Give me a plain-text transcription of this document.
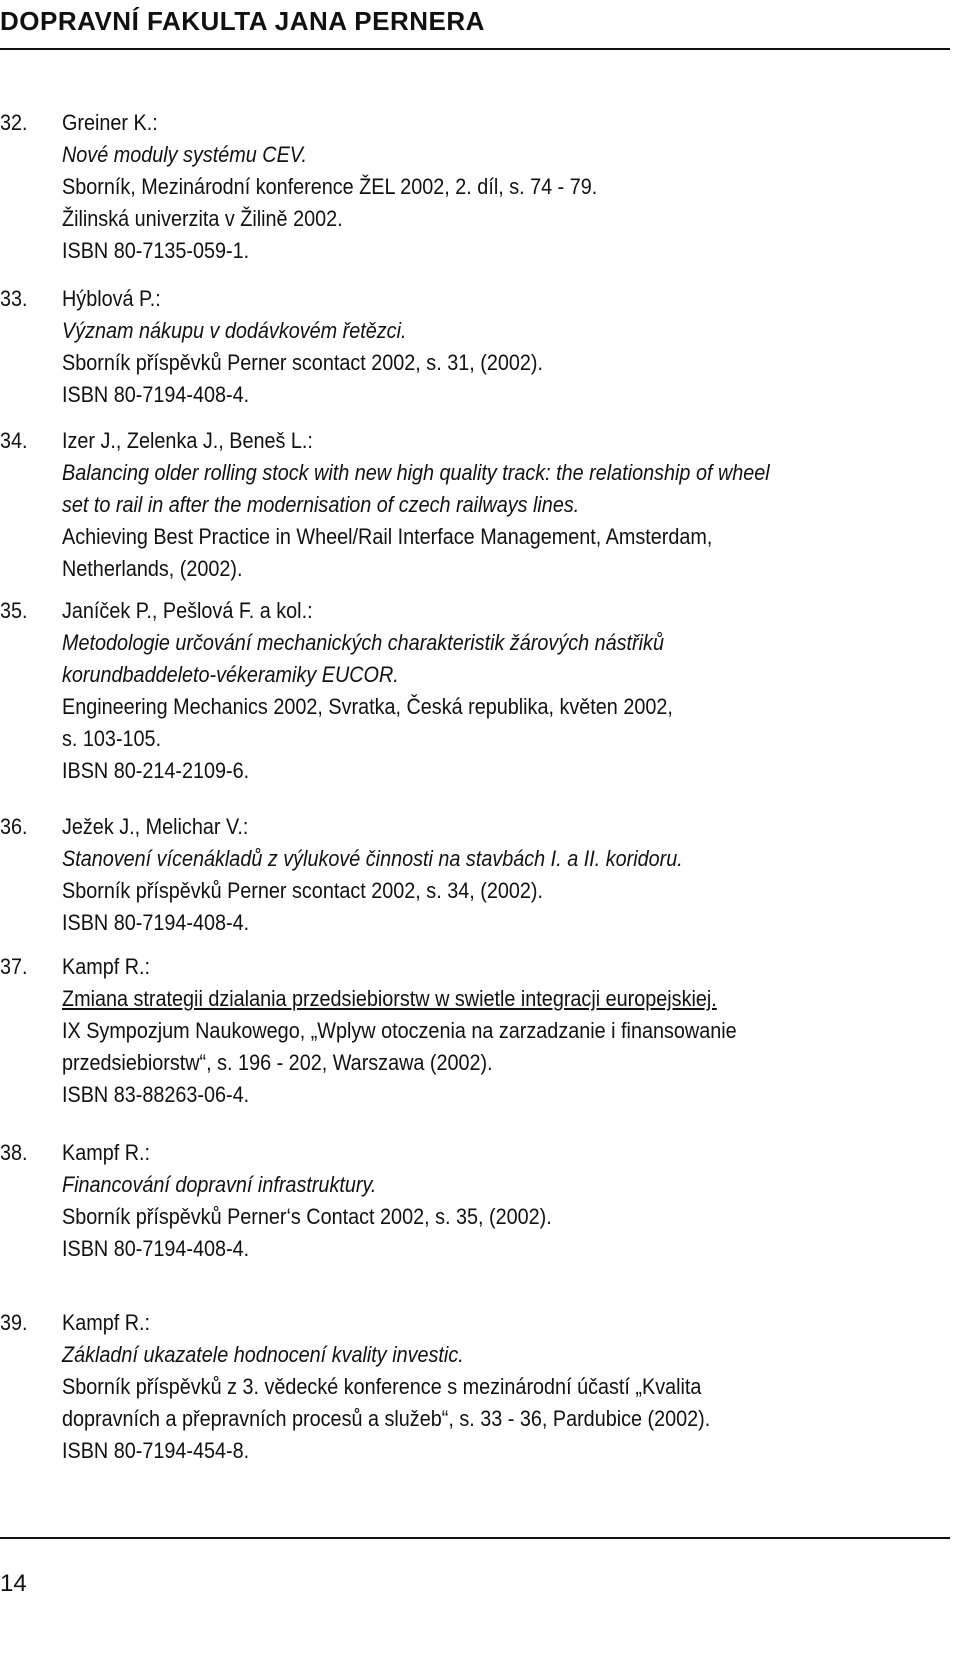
DOPRAVNÍ FAKULTA JANA PERNERA
32. Greiner K.:
Nové moduly systému CEV.
Sborník, Mezinárodní konference ŽEL 2002, 2. díl, s. 74 - 79.
Žilinská univerzita v Žilině 2002.
ISBN 80-7135-059-1.
33. Hýblová P.:
Význam nákupu v dodávkovém řetězci.
Sborník příspěvků Perner scontact 2002, s. 31, (2002).
ISBN 80-7194-408-4.
34. Izer J., Zelenka J., Beneš L.:
Balancing older rolling stock with new high quality track: the relationship of wheel
set to rail in after the modernisation of czech railways lines.
Achieving Best Practice in Wheel/Rail Interface Management, Amsterdam,
Netherlands, (2002).
35. Janíček P., Pešlová F. a kol.:
Metodologie určování mechanických charakteristik žárových nástřiků
korundbaddeleto-vékeramiky EUCOR.
Engineering Mechanics 2002, Svratka, Česká republika, květen 2002,
s. 103-105.
IBSN 80-214-2109-6.
36. Ježek J., Melichar V.:
Stanovení vícenákladů z výlukové činnosti na stavbách I. a II. koridoru.
Sborník příspěvků Perner scontact 2002, s. 34, (2002).
ISBN 80-7194-408-4.
37. Kampf R.:
Zmiana strategii dzialania przedsiebiorstw w swietle integracji europejskiej.
IX Sympozjum Naukowego, „Wplyw otoczenia na zarzadzanie i finansowanie
przedsiebiorstw“, s. 196 - 202, Warszawa (2002).
ISBN 83-88263-06-4.
38. Kampf R.:
Financování dopravní infrastruktury.
Sborník příspěvků Perner‘s Contact 2002, s. 35, (2002).
ISBN 80-7194-408-4.
39. Kampf R.:
Základní ukazatele hodnocení kvality investic.
Sborník příspěvků z 3. vědecké konference s mezinárodní účastí „Kvalita
dopravních a přepravních procesů a služeb“, s. 33 - 36, Pardubice (2002).
ISBN 80-7194-454-8.
14
